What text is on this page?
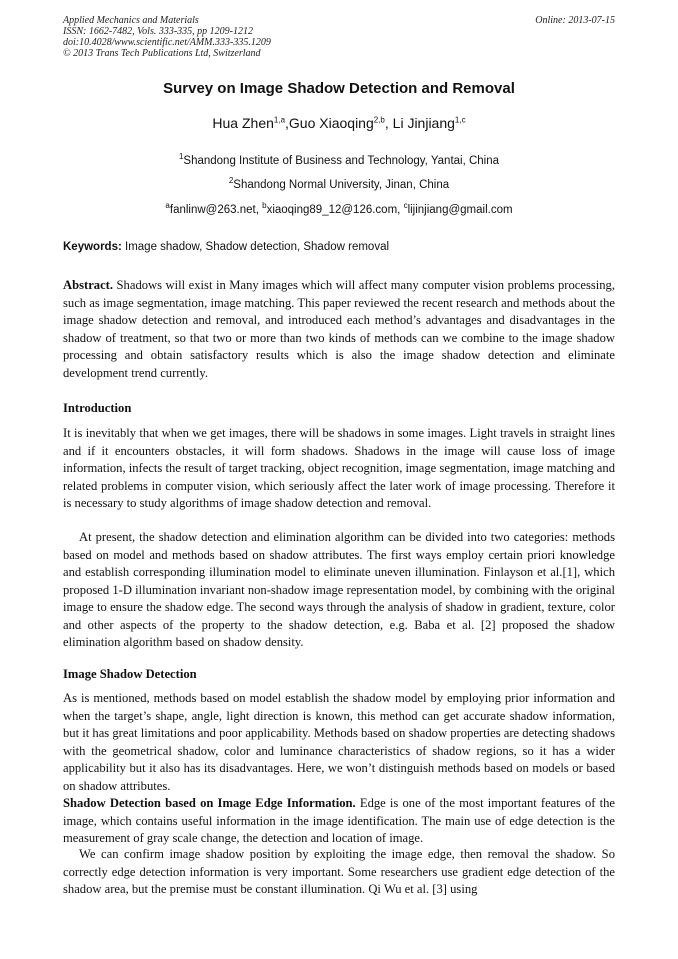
Applied Mechanics and Materials
ISSN: 1662-7482, Vols. 333-335, pp 1209-1212
doi:10.4028/www.scientific.net/AMM.333-335.1209
© 2013 Trans Tech Publications Ltd, Switzerland
Online: 2013-07-15
Survey on Image Shadow Detection and Removal
Hua Zhen$^{1,a}$,Guo Xiaoqing$^{2,b}$, Li Jinjiang$^{1,c}$
$^1$Shandong Institute of Business and Technology, Yantai, China
$^2$Shandong Normal University, Jinan, China
$^a$fanlinw@263.net, $^b$xiaoqing89_12@126.com, $^c$lijinjiang@gmail.com
Keywords: Image shadow, Shadow detection, Shadow removal

Abstract. Shadows will exist in Many images which will affect many computer vision problems processing, such as image segmentation, image matching. This paper reviewed the recent research and methods about the image shadow detection and removal, and introduced each method’s advantages and disadvantages in the shadow of treatment, so that two or more than two kinds of methods can we combine to the image shadow processing and obtain satisfactory results which is also the image shadow detection and eliminate development trend currently.

Introduction

It is inevitably that when we get images, there will be shadows in some images. Light travels in straight lines and if it encounters obstacles, it will form shadows. Shadows in the image will cause loss of image information, infects the result of target tracking, object recognition, image segmentation, image matching and related problems in computer vision, which seriously affect the later work of image processing. Therefore it is necessary to study algorithms of image shadow detection and removal.

At present, the shadow detection and elimination algorithm can be divided into two categories: methods based on model and methods based on shadow attributes. The first ways employ certain priori knowledge and establish corresponding illumination model to eliminate uneven illumination. Finlayson et al.[1], which proposed 1-D illumination invariant non-shadow image representation model, by combining with the original image to ensure the shadow edge. The second ways through the analysis of shadow in gradient, texture, color and other aspects of the property to the shadow detection, e.g. Baba et al. [2] proposed the shadow elimination algorithm based on shadow density.

Image Shadow Detection

As is mentioned, methods based on model establish the shadow model by employing prior information and when the target’s shape, angle, light direction is known, this method can get accurate shadow information, but it has great limitations and poor applicability. Methods based on shadow properties are detecting shadows with the geometrical shadow, color and luminance characteristics of shadow regions, so it has a wider applicability but it also has its disadvantages. Here, we won’t distinguish methods based on models or based on shadow attributes.

Shadow Detection based on Image Edge Information. Edge is one of the most important features of the image, which contains useful information in the image identification. The main use of edge detection is the measurement of gray scale change, the detection and location of image.

We can confirm image shadow position by exploiting the image edge, then removal the shadow. So correctly edge detection information is very important. Some researchers use gradient edge detection of the shadow area, but the premise must be constant illumination. Qi Wu et al. [3] using
